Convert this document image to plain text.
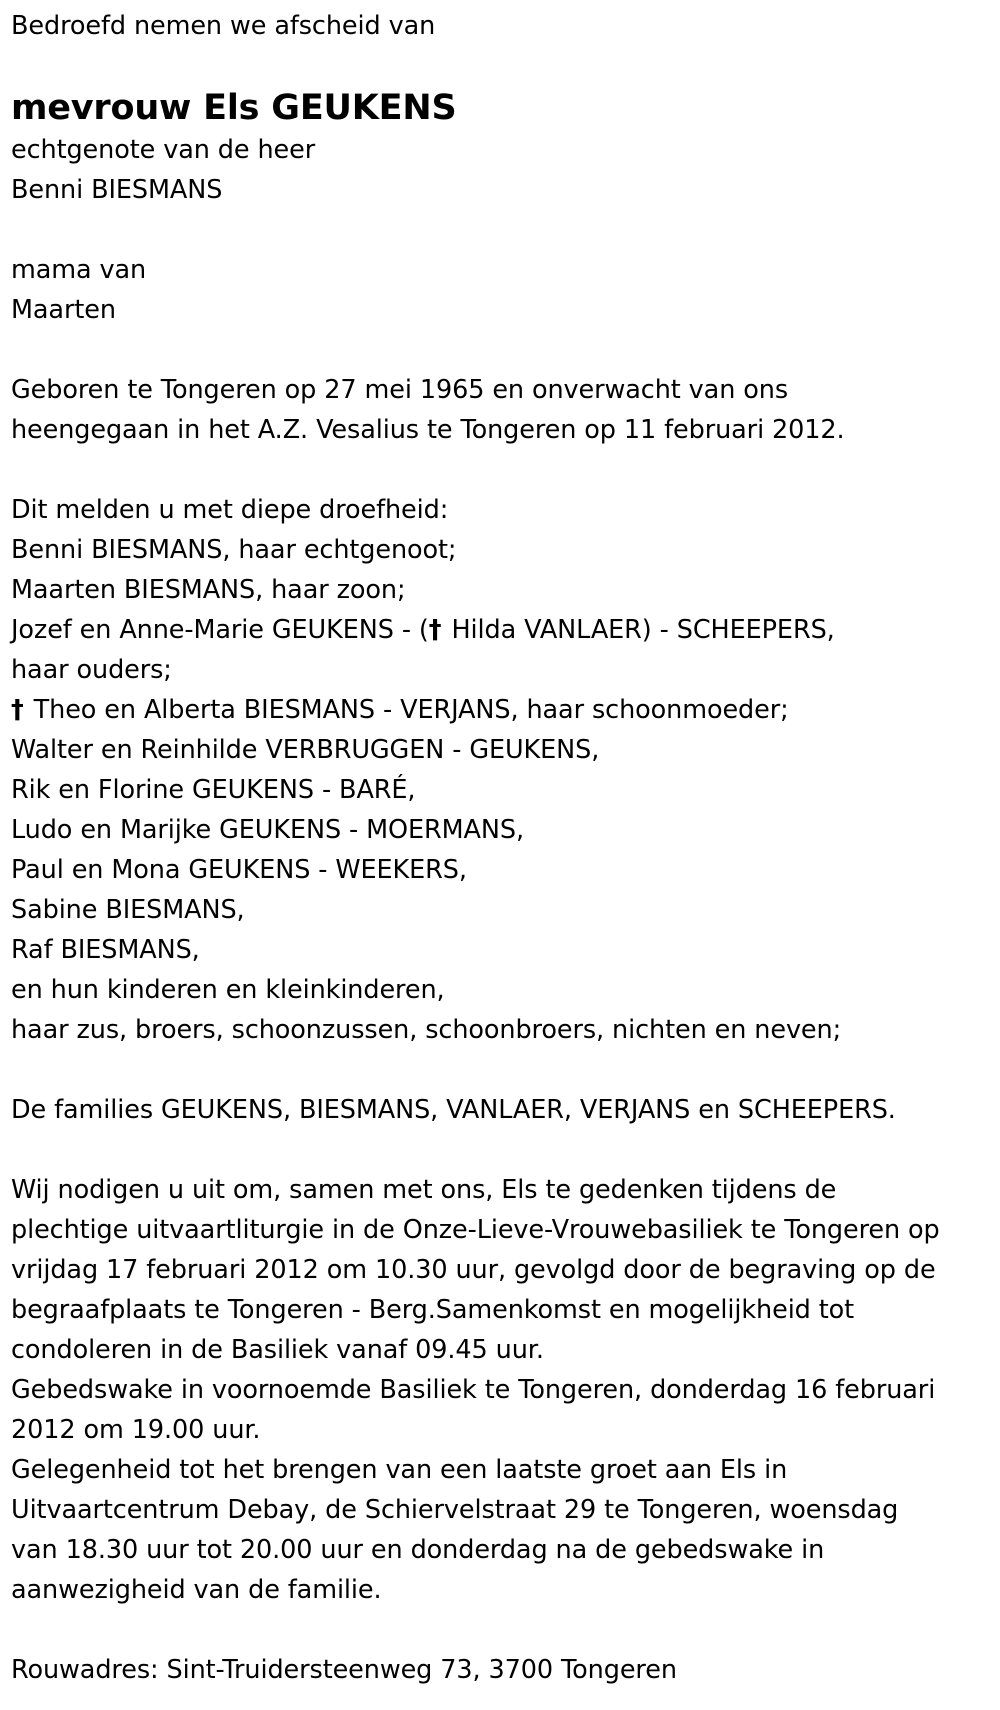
Bedroefd nemen we afscheid van
mevrouw Els GEUKENS
echtgenote van de heer
Benni BIESMANS
mama van
Maarten
Geboren te Tongeren op 27 mei 1965 en onverwacht van ons
heengegaan in het A.Z. Vesalius te Tongeren op 11 februari 2012.
Dit melden u met diepe droefheid:
Benni BIESMANS, haar echtgenoot;
Maarten BIESMANS, haar zoon;
Jozef en Anne-Marie GEUKENS - († Hilda VANLAER) - SCHEEPERS,
haar ouders;
† Theo en Alberta BIESMANS - VERJANS, haar schoonmoeder;
Walter en Reinhilde VERBRUGGEN - GEUKENS,
Rik en Florine GEUKENS - BARÉ,
Ludo en Marijke GEUKENS - MOERMANS,
Paul en Mona GEUKENS - WEEKERS,
Sabine BIESMANS,
Raf BIESMANS,
en hun kinderen en kleinkinderen,
haar zus, broers, schoonzussen, schoonbroers, nichten en neven;
De families GEUKENS, BIESMANS, VANLAER, VERJANS en SCHEEPERS.
Wij nodigen u uit om, samen met ons, Els te gedenken tijdens de
plechtige uitvaartliturgie in de Onze-Lieve-Vrouwebasiliek te Tongeren op
vrijdag 17 februari 2012 om 10.30 uur, gevolgd door de begraving op de
begraafplaats te Tongeren - Berg.Samenkomst en mogelijkheid tot
condoleren in de Basiliek vanaf 09.45 uur.
Gebedswake in voornoemde Basiliek te Tongeren, donderdag 16 februari
2012 om 19.00 uur.
Gelegenheid tot het brengen van een laatste groet aan Els in
Uitvaartcentrum Debay, de Schiervelstraat 29 te Tongeren, woensdag
van 18.30 uur tot 20.00 uur en donderdag na de gebedswake in
aanwezigheid van de familie.
Rouwadres: Sint-Truidersteenweg 73, 3700 Tongeren
